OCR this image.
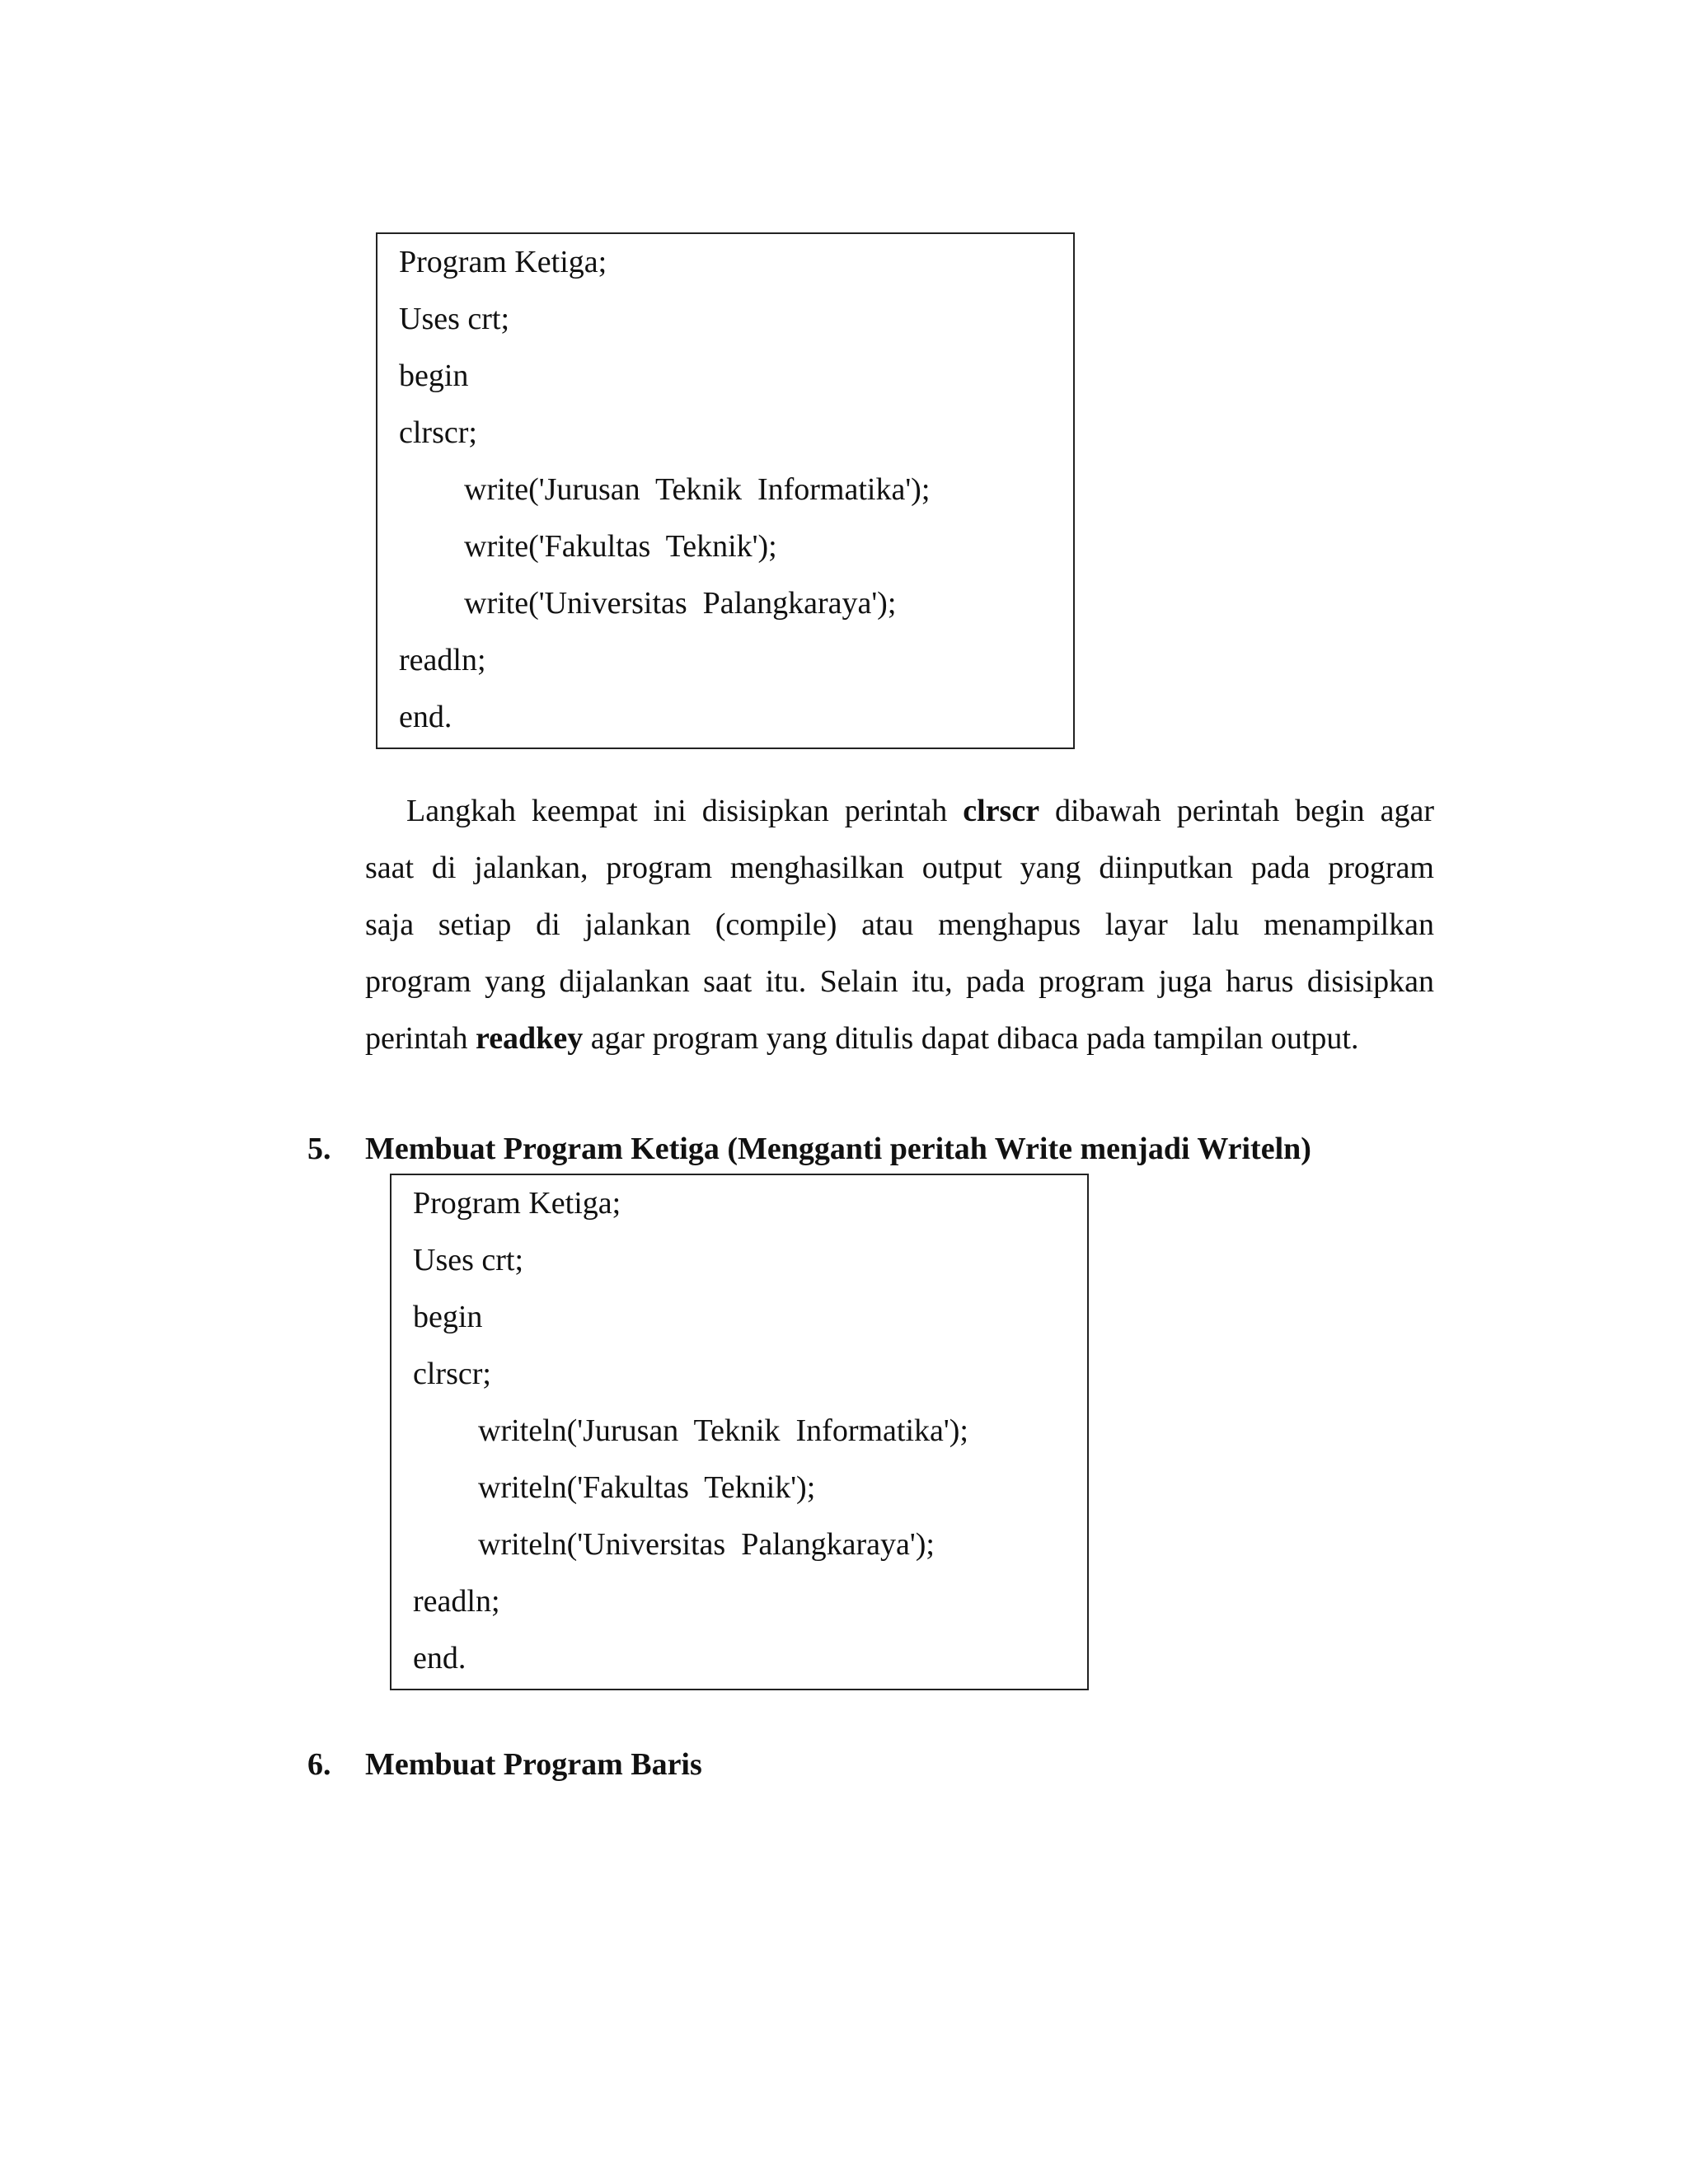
Program Ketiga;
Uses crt;
begin
clrscr;
write('Jurusan  Teknik  Informatika');
write('Fakultas  Teknik');
write('Universitas  Palangkaraya');
readln;
end.
Langkah keempat ini disisipkan perintah clrscr dibawah perintah begin agar
saat di jalankan, program menghasilkan output yang diinputkan pada program
saja setiap di jalankan (compile) atau menghapus layar lalu menampilkan
program yang dijalankan saat itu. Selain itu, pada program juga harus disisipkan
perintah readkey agar program yang ditulis dapat dibaca pada tampilan output.
5. Membuat Program Ketiga (Mengganti peritah Write menjadi Writeln)
Program Ketiga;
Uses crt;
begin
clrscr;
writeln('Jurusan  Teknik  Informatika');
writeln('Fakultas  Teknik');
writeln('Universitas  Palangkaraya');
readln;
end.
6. Membuat Program Baris
